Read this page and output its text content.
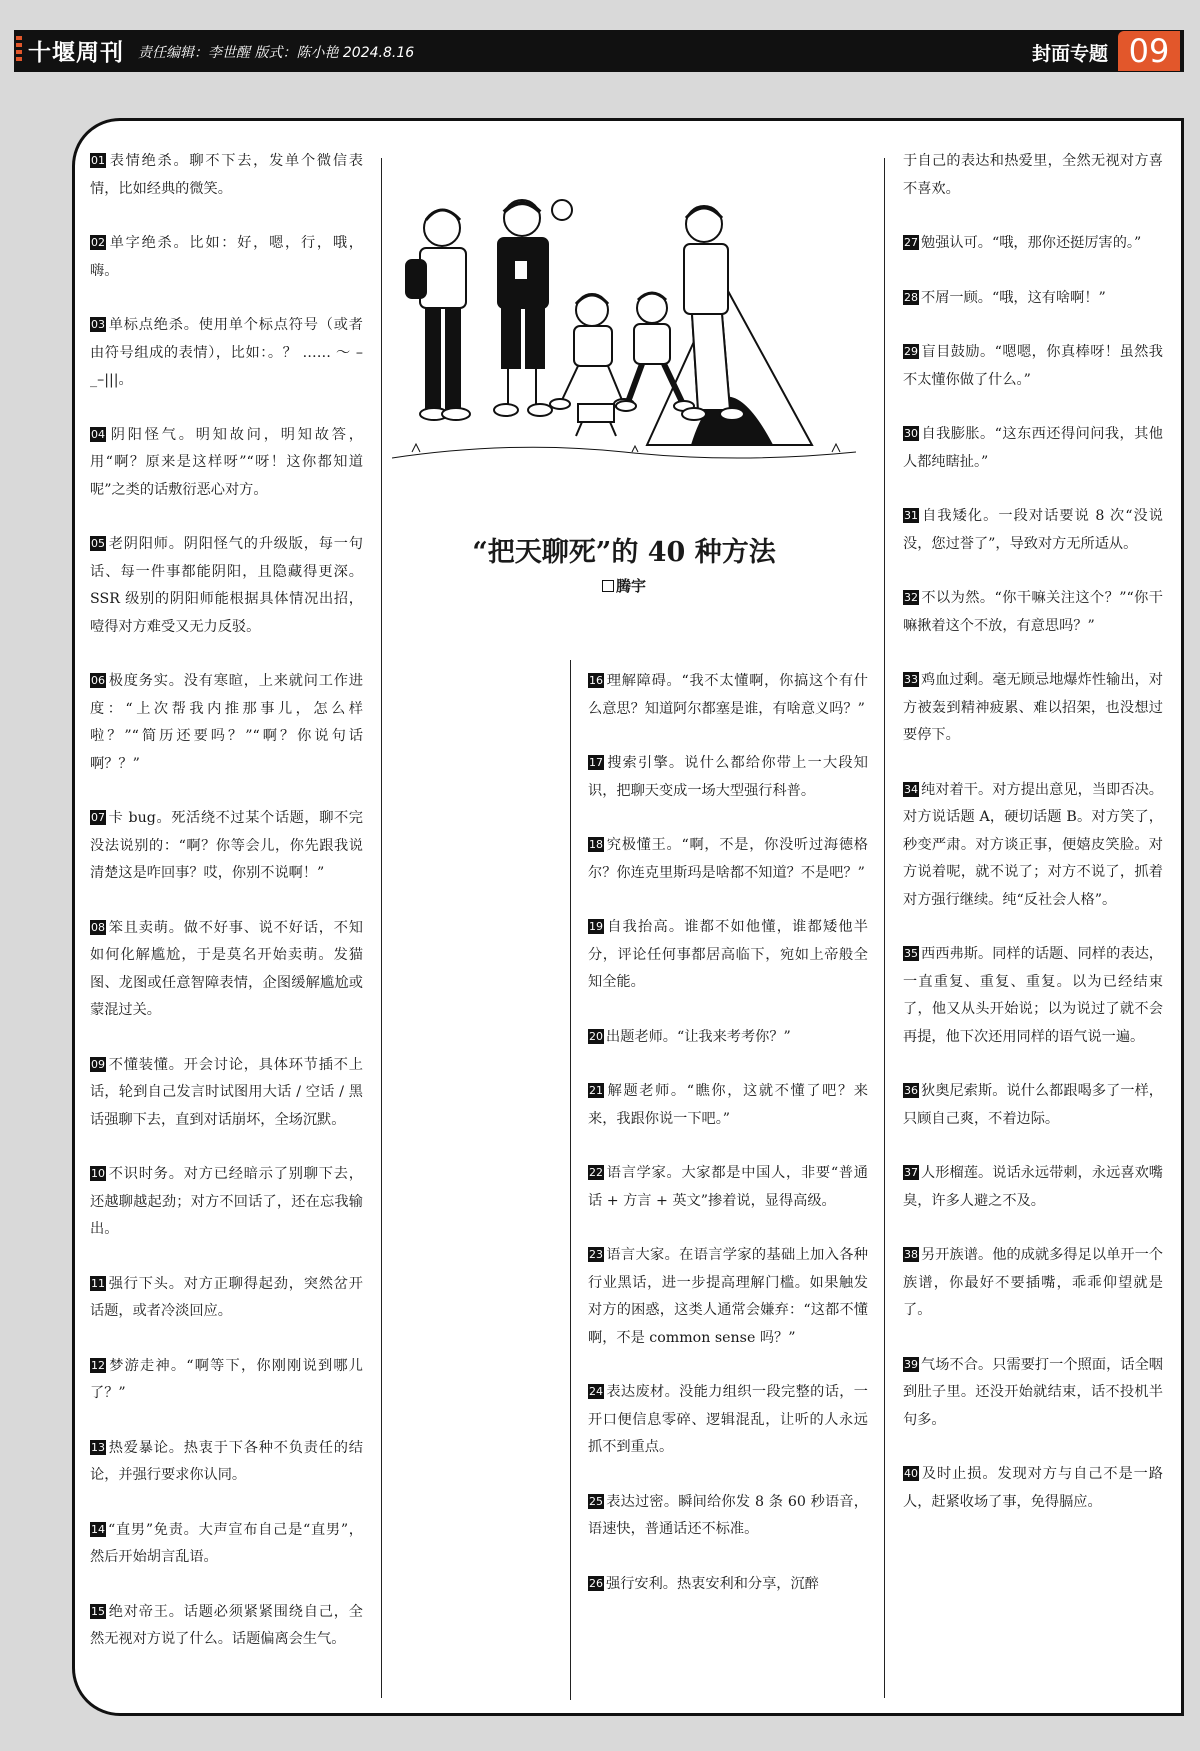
十堰周刊 责任编辑：李世醒 版式：陈小艳 2024.8.16	封面专题 09
01 表情绝杀。聊不下去，发单个微信表情，比如经典的微笑。
02 单字绝杀。比如：好，嗯，行，哦，嗨。
03 单标点绝杀。使用单个标点符号（或者由符号组成的表情），比如：。？ …… ～ –_–|||。
04 阴阳怪气。明知故问，明知故答，用“啊？原来是这样呀”“呀！这你都知道呢”之类的话敷衍恶心对方。
05 老阴阳师。阴阳怪气的升级版，每一句话、每一件事都能阴阳，且隐藏得更深。SSR 级别的阴阳师能根据具体情况出招，噎得对方难受又无力反驳。
06 极度务实。没有寒暄，上来就问工作进度：“上次帮我内推那事儿，怎么样啦？”“简历还要吗？”“啊？你说句话啊？？”
07 卡 bug。死活绕不过某个话题，聊不完没法说别的：“啊？你等会儿，你先跟我说清楚这是咋回事？哎，你别不说啊！”
08 笨且卖萌。做不好事、说不好话，不知如何化解尴尬，于是莫名开始卖萌。发猫图、龙图或任意智障表情，企图缓解尴尬或蒙混过关。
09 不懂装懂。开会讨论，具体环节插不上话，轮到自己发言时试图用大话 / 空话 / 黑话强聊下去，直到对话崩坏，全场沉默。
10 不识时务。对方已经暗示了别聊下去，还越聊越起劲；对方不回话了，还在忘我输出。
11 强行下头。对方正聊得起劲，突然岔开话题，或者冷淡回应。
12 梦游走神。“啊等下，你刚刚说到哪儿了？”
13 热爱暴论。热衷于下各种不负责任的结论，并强行要求你认同。
14 “直男”免责。大声宣布自己是“直男”，然后开始胡言乱语。
15 绝对帝王。话题必须紧紧围绕自己，全然无视对方说了什么。话题偏离会生气。
“把天聊死”的 40 种方法
腾宇
16 理解障碍。“我不太懂啊，你搞这个有什么意思？知道阿尔都塞是谁，有啥意义吗？”
17 搜索引擎。说什么都给你带上一大段知识，把聊天变成一场大型强行科普。
18 究极懂王。“啊，不是，你没听过海德格尔？你连克里斯玛是啥都不知道？不是吧？”
19 自我抬高。谁都不如他懂，谁都矮他半分，评论任何事都居高临下，宛如上帝般全知全能。
20 出题老师。“让我来考考你？”
21 解题老师。“瞧你，这就不懂了吧？来来，我跟你说一下吧。”
22 语言学家。大家都是中国人，非要“普通话 + 方言 + 英文”掺着说，显得高级。
23 语言大家。在语言学家的基础上加入各种行业黑话，进一步提高理解门槛。如果触发对方的困惑，这类人通常会嫌弃：“这都不懂啊，不是 common sense 吗？”
24 表达废材。没能力组织一段完整的话，一开口便信息零碎、逻辑混乱，让听的人永远抓不到重点。
25 表达过密。瞬间给你发 8 条 60 秒语音，语速快，普通话还不标准。
26 强行安利。热衷安利和分享，沉醉
于自己的表达和热爱里，全然无视对方喜不喜欢。
27 勉强认可。“哦，那你还挺厉害的。”
28 不屑一顾。“哦，这有啥啊！”
29 盲目鼓励。“嗯嗯，你真棒呀！虽然我不太懂你做了什么。”
30 自我膨胀。“这东西还得问问我，其他人都纯瞎扯。”
31 自我矮化。一段对话要说 8 次“没说没，您过誉了”，导致对方无所适从。
32 不以为然。“你干嘛关注这个？”“你干嘛揪着这个不放，有意思吗？”
33 鸡血过剩。毫无顾忌地爆炸性输出，对方被轰到精神疲累、难以招架，也没想过要停下。
34 纯对着干。对方提出意见，当即否决。对方说话题 A，硬切话题 B。对方笑了，秒变严肃。对方谈正事，便嬉皮笑脸。对方说着呢，就不说了；对方不说了，抓着对方强行继续。纯“反社会人格”。
35 西西弗斯。同样的话题、同样的表达，一直重复、重复、重复。以为已经结束了，他又从头开始说；以为说过了就不会再提，他下次还用同样的语气说一遍。
36 狄奥尼索斯。说什么都跟喝多了一样，只顾自己爽，不着边际。
37 人形榴莲。说话永远带刺，永远喜欢嘴臭，许多人避之不及。
38 另开族谱。他的成就多得足以单开一个族谱，你最好不要插嘴，乖乖仰望就是了。
39 气场不合。只需要打一个照面，话全咽到肚子里。还没开始就结束，话不投机半句多。
40 及时止损。发现对方与自己不是一路人，赶紧收场了事，免得膈应。
